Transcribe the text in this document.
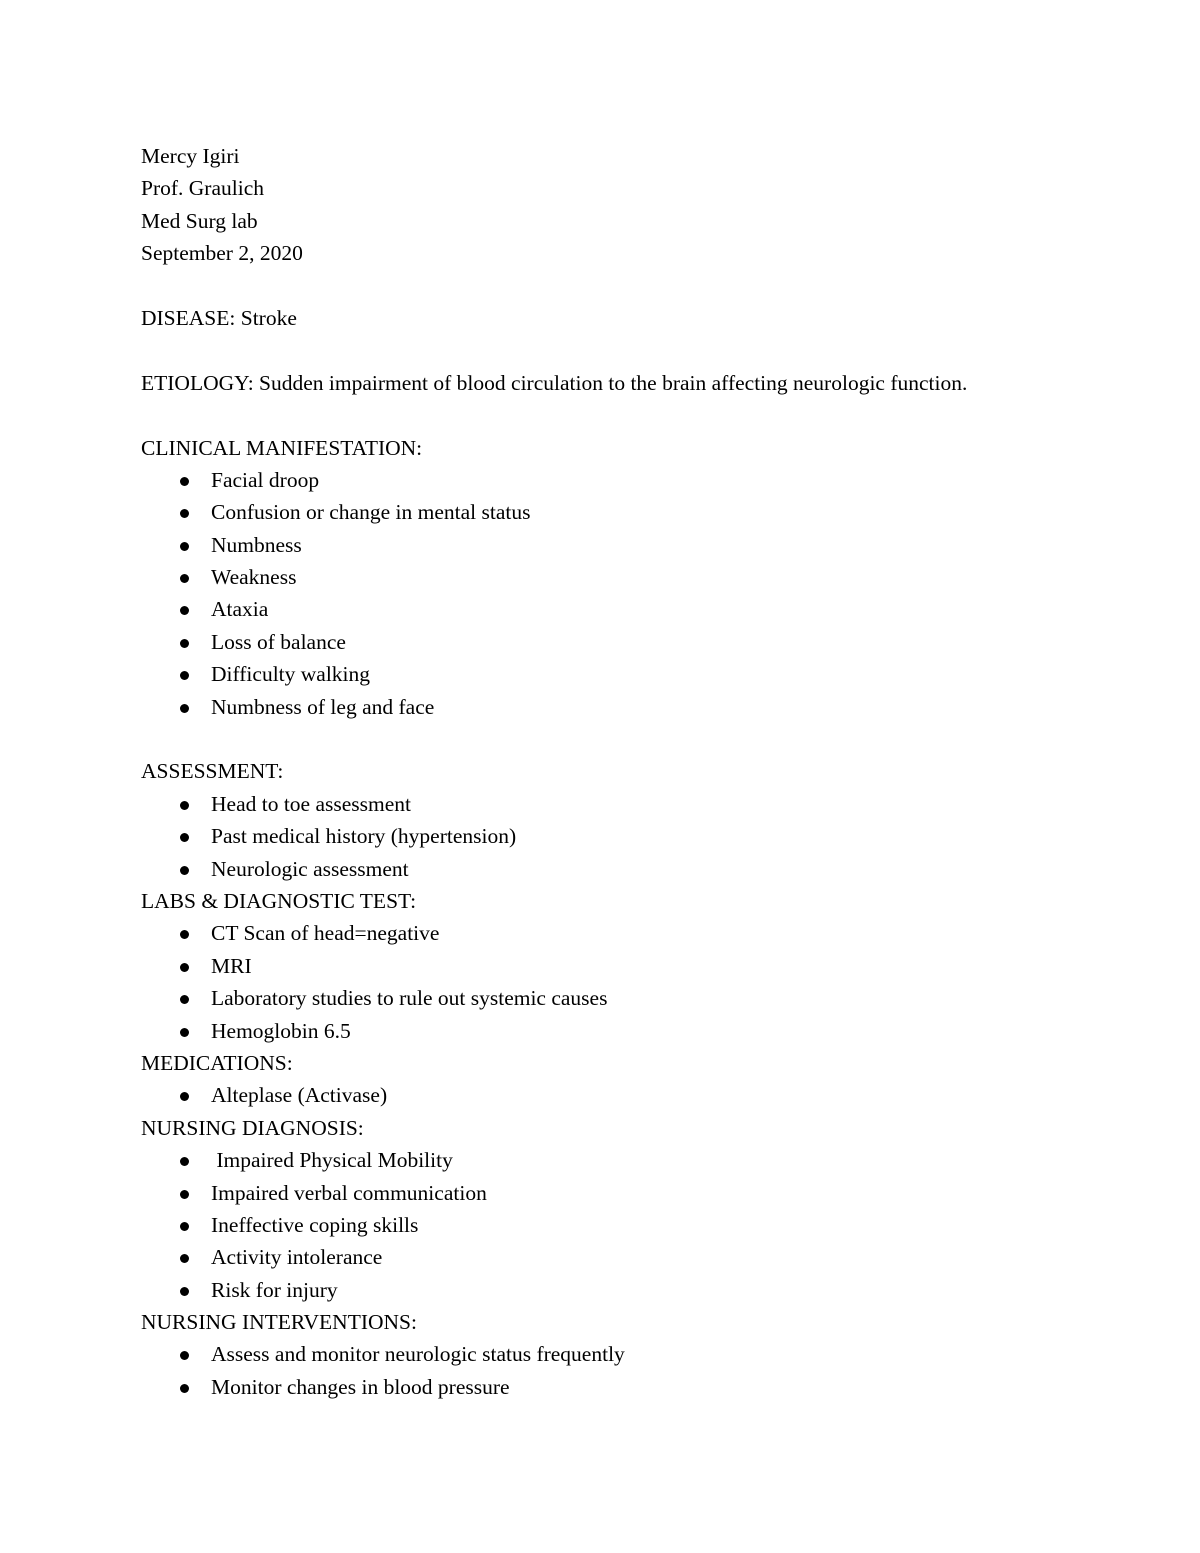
Mercy Igiri

Prof. Graulich

Med Surg lab

September 2, 2020

DISEASE: Stroke

ETIOLOGY: Sudden impairment of blood circulation to the brain affecting neurologic function.

CLINICAL MANIFESTATION:

Facial droop
Confusion or change in mental status
Numbness
Weakness
Ataxia
Loss of balance
Difficulty walking
Numbness of leg and face

ASSESSMENT:

Head to toe assessment
Past medical history (hypertension)
Neurologic assessment

LABS & DIAGNOSTIC TEST:

CT Scan of head=negative
MRI
Laboratory studies to rule out systemic causes
Hemoglobin 6.5

MEDICATIONS:

Alteplase (Activase)

NURSING DIAGNOSIS:

Impaired Physical Mobility
Impaired verbal communication
Ineffective coping skills
Activity intolerance
Risk for injury

NURSING INTERVENTIONS:

Assess and monitor neurologic status frequently
Monitor changes in blood pressure
